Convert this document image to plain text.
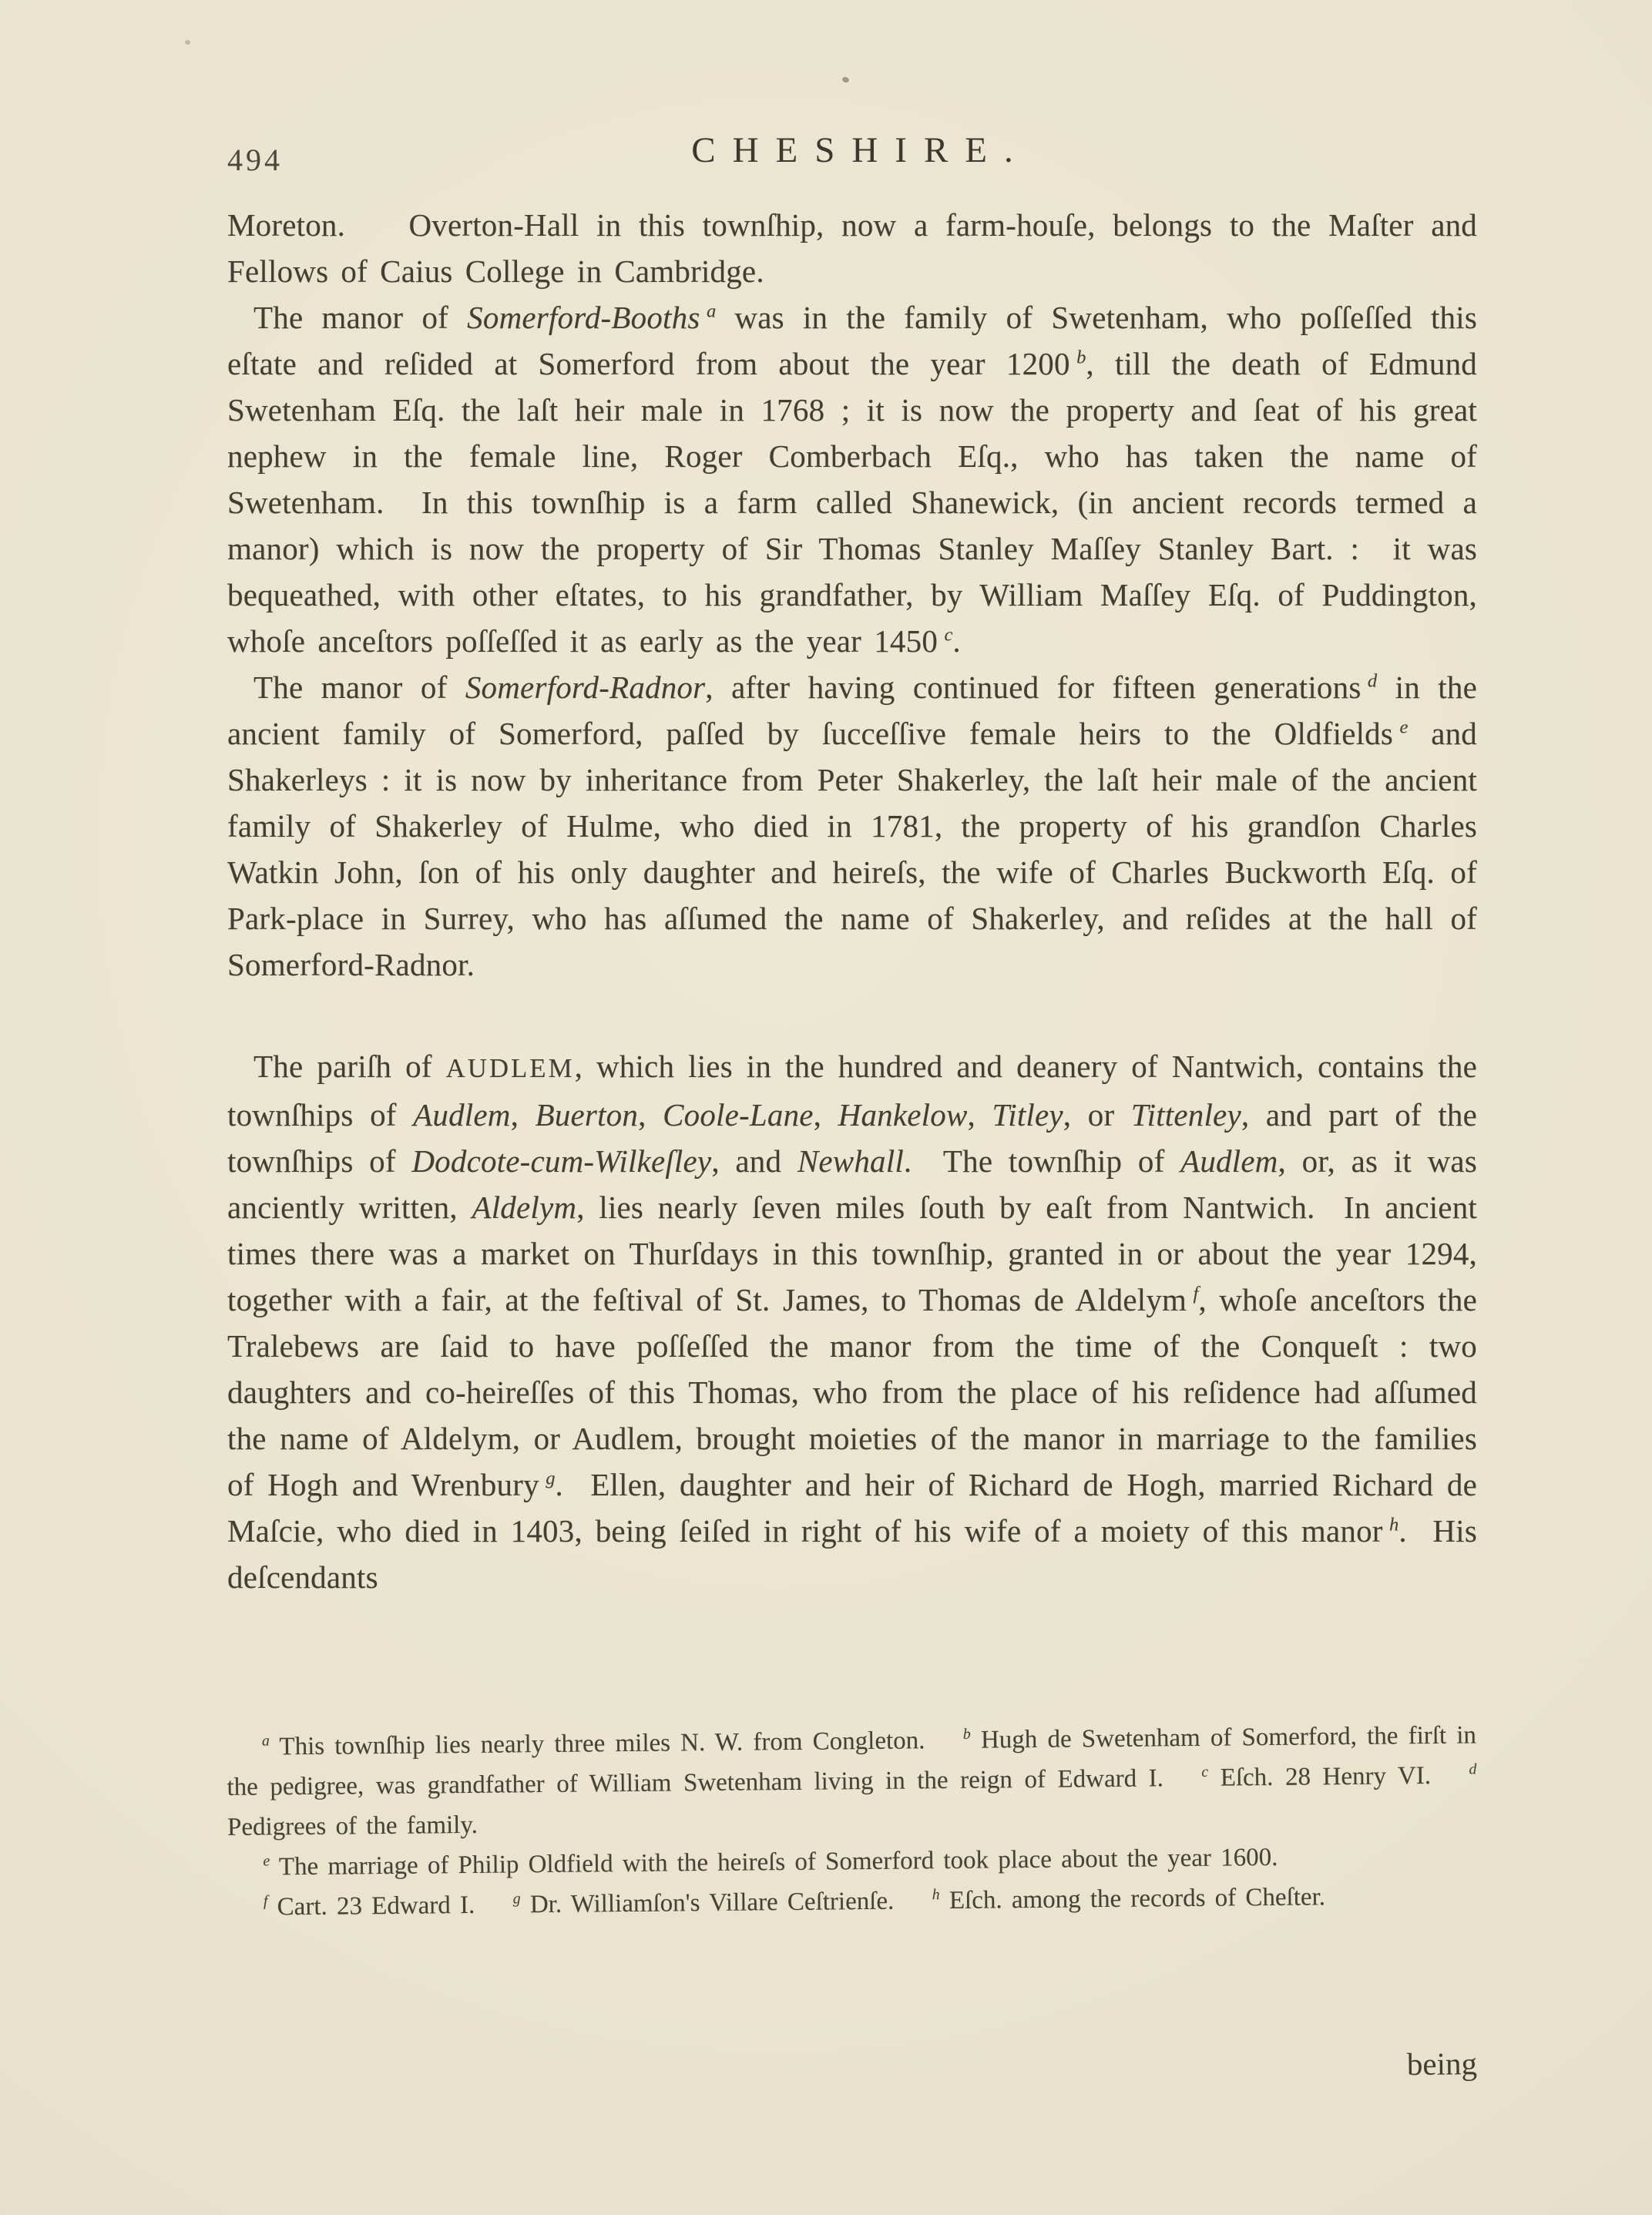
494	CHESHIRE.

Moreton.  Overton-Hall in this townſhip, now a farm-houſe, belongs to the Maſter and Fellows of Caius College in Cambridge.

The manor of Somerford-Booths  $^a$ was in the family of Swetenham, who poſſeſſed this eſtate and reſided at Somerford from about the year 1200 $^b$, till the death of Edmund Swetenham Eſq. the laſt heir male in 1768 ; it is now the property and ſeat of his great nephew in the female line, Roger Comberbach Eſq., who has taken the name of Swetenham.  In this townſhip is a farm called Shanewick, (in ancient records termed a manor) which is now the property of Sir Thomas Stanley Maſſey Stanley Bart. :  it was bequeathed, with other eſtates, to his grandfather, by William Maſſey Eſq. of Puddington, whoſe anceſtors poſſeſſed it as early as the year 1450 $^c$.

The manor of Somerford-Radnor, after having continued for fifteen generations $^d$ in the ancient family of Somerford, paſſed by ſucceſſive female heirs to the Oldfields $^e$ and Shakerleys : it is now by inheritance from Peter Shakerley, the laſt heir male of the ancient family of Shakerley of Hulme, who died in 1781, the property of his grandſon Charles Watkin John, ſon of his only daughter and heireſs, the wife of Charles Buckworth Eſq. of Park-place in Surrey, who has aſſumed the name of Shakerley, and reſides at the hall of Somerford-Radnor.

The pariſh of AUDLEM, which lies in the hundred and deanery of Nantwich, contains the townſhips of Audlem, Buerton, Coole-Lane, Hankelow, Titley, or Tittenley, and part of the townſhips of Dodcote-cum-Wilkeſley, and Newhall.  The townſhip of Audlem, or, as it was anciently written, Aldelym, lies nearly ſeven miles ſouth by eaſt from Nantwich.  In ancient times there was a market on Thurſdays in this townſhip, granted in or about the year 1294, together with a fair, at the feſtival of St. James, to Thomas de Aldelym $^f$, whoſe anceſtors the Tralebews are ſaid to have poſſeſſed the manor from the time of the Conqueſt : two daughters and co-heireſſes of this Thomas, who from the place of his reſidence had aſſumed the name of Aldelym, or Audlem, brought moieties of the manor in marriage to the families of Hogh and Wrenbury $^g$.  Ellen, daughter and heir of Richard de Hogh, married Richard de Maſcie, who died in 1403, being ſeiſed in right of his wife of a moiety of this manor $^h$.  His deſcendants

$^a$ This townſhip lies nearly three miles N. W. from Congleton.  $^b$ Hugh de Swetenham of Somerford, the firſt in the pedigree, was grandfather of William Swetenham living in the reign of Edward I.  $^c$ Eſch. 28 Henry VI.  $^d$ Pedigrees of the family.

$^e$ The marriage of Philip Oldfield with the heireſs of Somerford took place about the year 1600.

$^f$ Cart. 23 Edward I.  $^g$ Dr. Williamſon's Villare Ceſtrienſe.  $^h$ Eſch. among the records of Cheſter.

being
